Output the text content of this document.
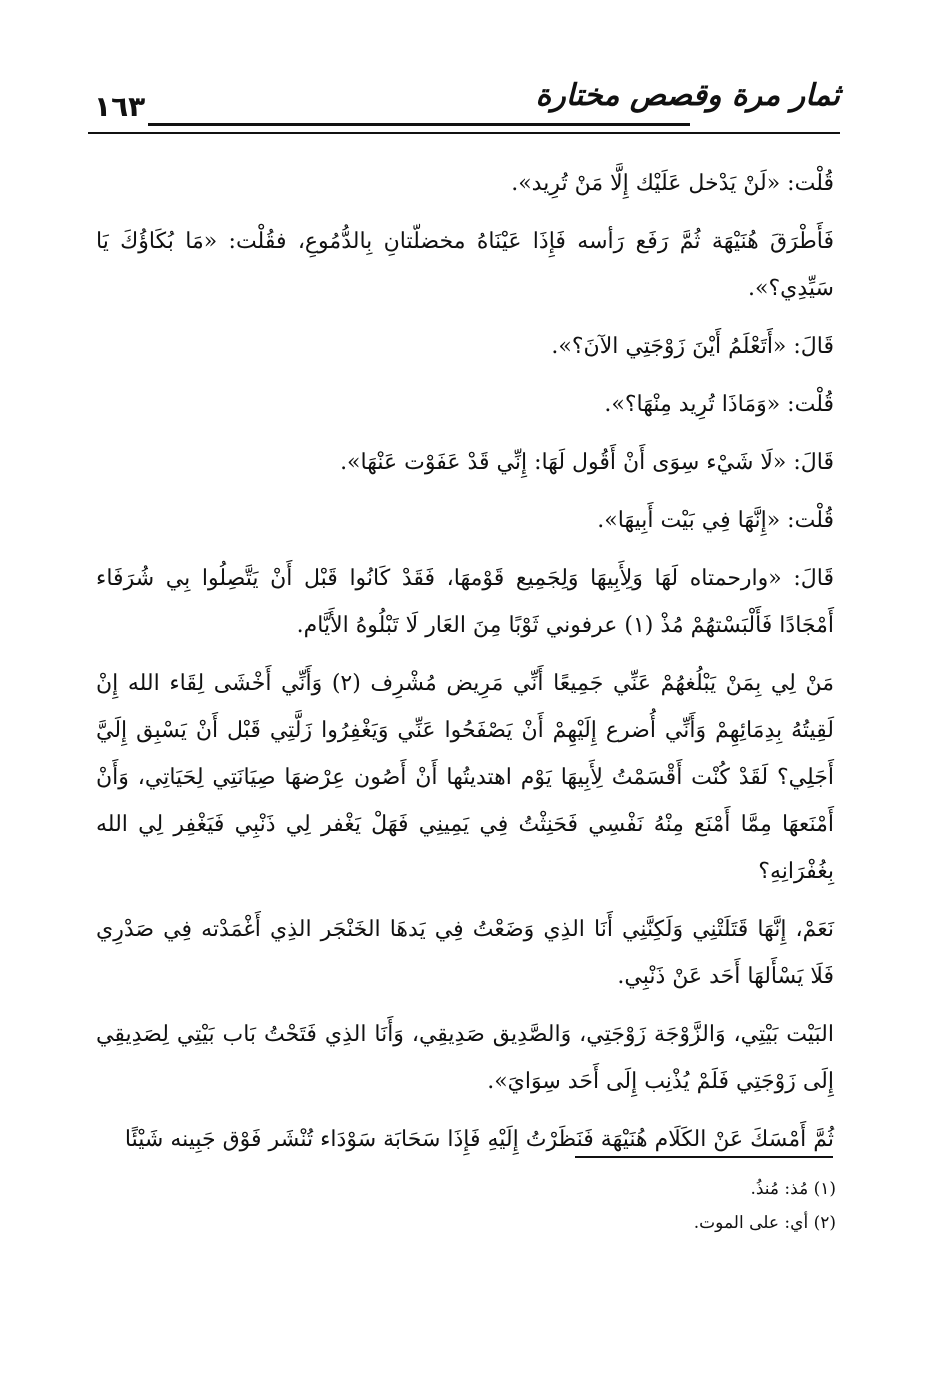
ثمار مرة وقصص مختارة
١٦٣

قُلْت: «لَنْ يَدْخل عَلَيْك إِلَّا مَنْ تُرِيد».

فَأَطْرَقَ هُنَيْهَة ثُمَّ رَفَع رَأسه فَإِذَا عَيْنَاهُ مخضلّتانِ بِالدُّمُوعِ، فقُلْت: «مَا بُكَاؤُكَ يَا سَيِّدِي؟».

قَالَ: «أَتَعْلَمُ أَيْنَ زَوْجَتِي الآنَ؟».

قُلْت: «وَمَاذَا تُرِيد مِنْهَا؟».

قَالَ: «لَا شَيْء سِوَى أَنْ أَقُول لَهَا: إِنِّي قَدْ عَفَوْت عَنْهَا».

قُلْت: «إِنَّهَا فِي بَيْت أَبِيهَا».

قَالَ: «وارحمتاه لَهَا وَلِأَبِيهَا وَلِجَمِيع قَوْمهَا، فَقَدْ كَانُوا قَبْل أَنْ يَتَّصِلُوا بِي شُرَفَاء أَمْجَادًا فَأَلْبَسْتهُمْ مُذْ (١) عرفوني ثَوْبًا مِنَ العَار لَا تَبْلُوهُ الأَيَّام.

مَنْ لِي بِمَنْ يَبْلُغهُمْ عَنِّي جَمِيعًا أَنِّي مَرِيض مُشْرِف (٢) وَأَنِّي أَخْشَى لِقَاء الله إِنْ لَقِيتُهُ بِدِمَائِهِمْ وَأَنِّي أُضرع إِلَيْهِمْ أَنْ يَصْفَحُوا عَنِّي وَيَغْفِرُوا زَلَّتِي قَبْل أَنْ يَسْبِق إِلَيَّ أَجَلِي؟ لَقَدْ كُنْت أَقْسَمْتُ لِأَبِيهَا يَوْم اهتديتُها أَنْ أَصُون عِرْضهَا صِيَانَتِي لِحَيَاتِي، وَأَنْ أَمْنَعهَا مِمَّا أَمْنَع مِنْهُ نَفْسِي فَحَنِثْتُ فِي يَمِينِي فَهَلْ يَغْفر لِي ذَنْبِي فَيَغْفِر لِي الله بِغُفْرَانِهِ؟

نَعَمْ، إِنَّهَا قَتَلَتْنِي وَلَكِنَّنِي أَنَا الذِي وَضَعْتُ فِي يَدهَا الخَنْجَر الذِي أَغْمَدْته فِي صَدْرِي فَلَا يَسْأَلهَا أَحَد عَنْ ذَنْبِي.

البَيْت بَيْتِي، وَالزَّوْجَة زَوْجَتِي، وَالصَّدِيق صَدِيقِي، وَأَنَا الذِي فَتَحْتُ بَاب بَيْتِي لِصَدِيقِي إِلَى زَوْجَتِي فَلَمْ يُذْنِب إِلَى أَحَد سِوَايَ».

ثُمَّ أَمْسَكَ عَنْ الكَلَام هُنَيْهَة فَنَظَرْتُ إِلَيْهِ فَإِذَا سَحَابَة سَوْدَاء تُنْشَر فَوْق جَبِينه شَيْئًا

(١) مُذ: مُنذُ.
(٢) أي: على الموت.
